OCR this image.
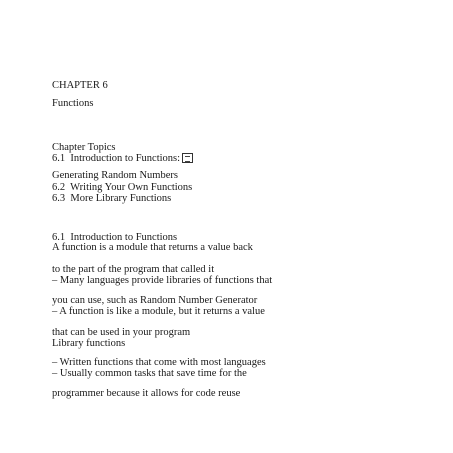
CHAPTER 6
Functions
Chapter Topics
6.1  Introduction to Functions:
Generating Random Numbers
6.2  Writing Your Own Functions
6.3  More Library Functions
6.1  Introduction to Functions
A function is a module that returns a value back
to the part of the program that called it
– Many languages provide libraries of functions that
you can use, such as Random Number Generator
– A function is like a module, but it returns a value
that can be used in your program
Library functions
– Written functions that come with most languages
– Usually common tasks that save time for the
programmer because it allows for code reuse
